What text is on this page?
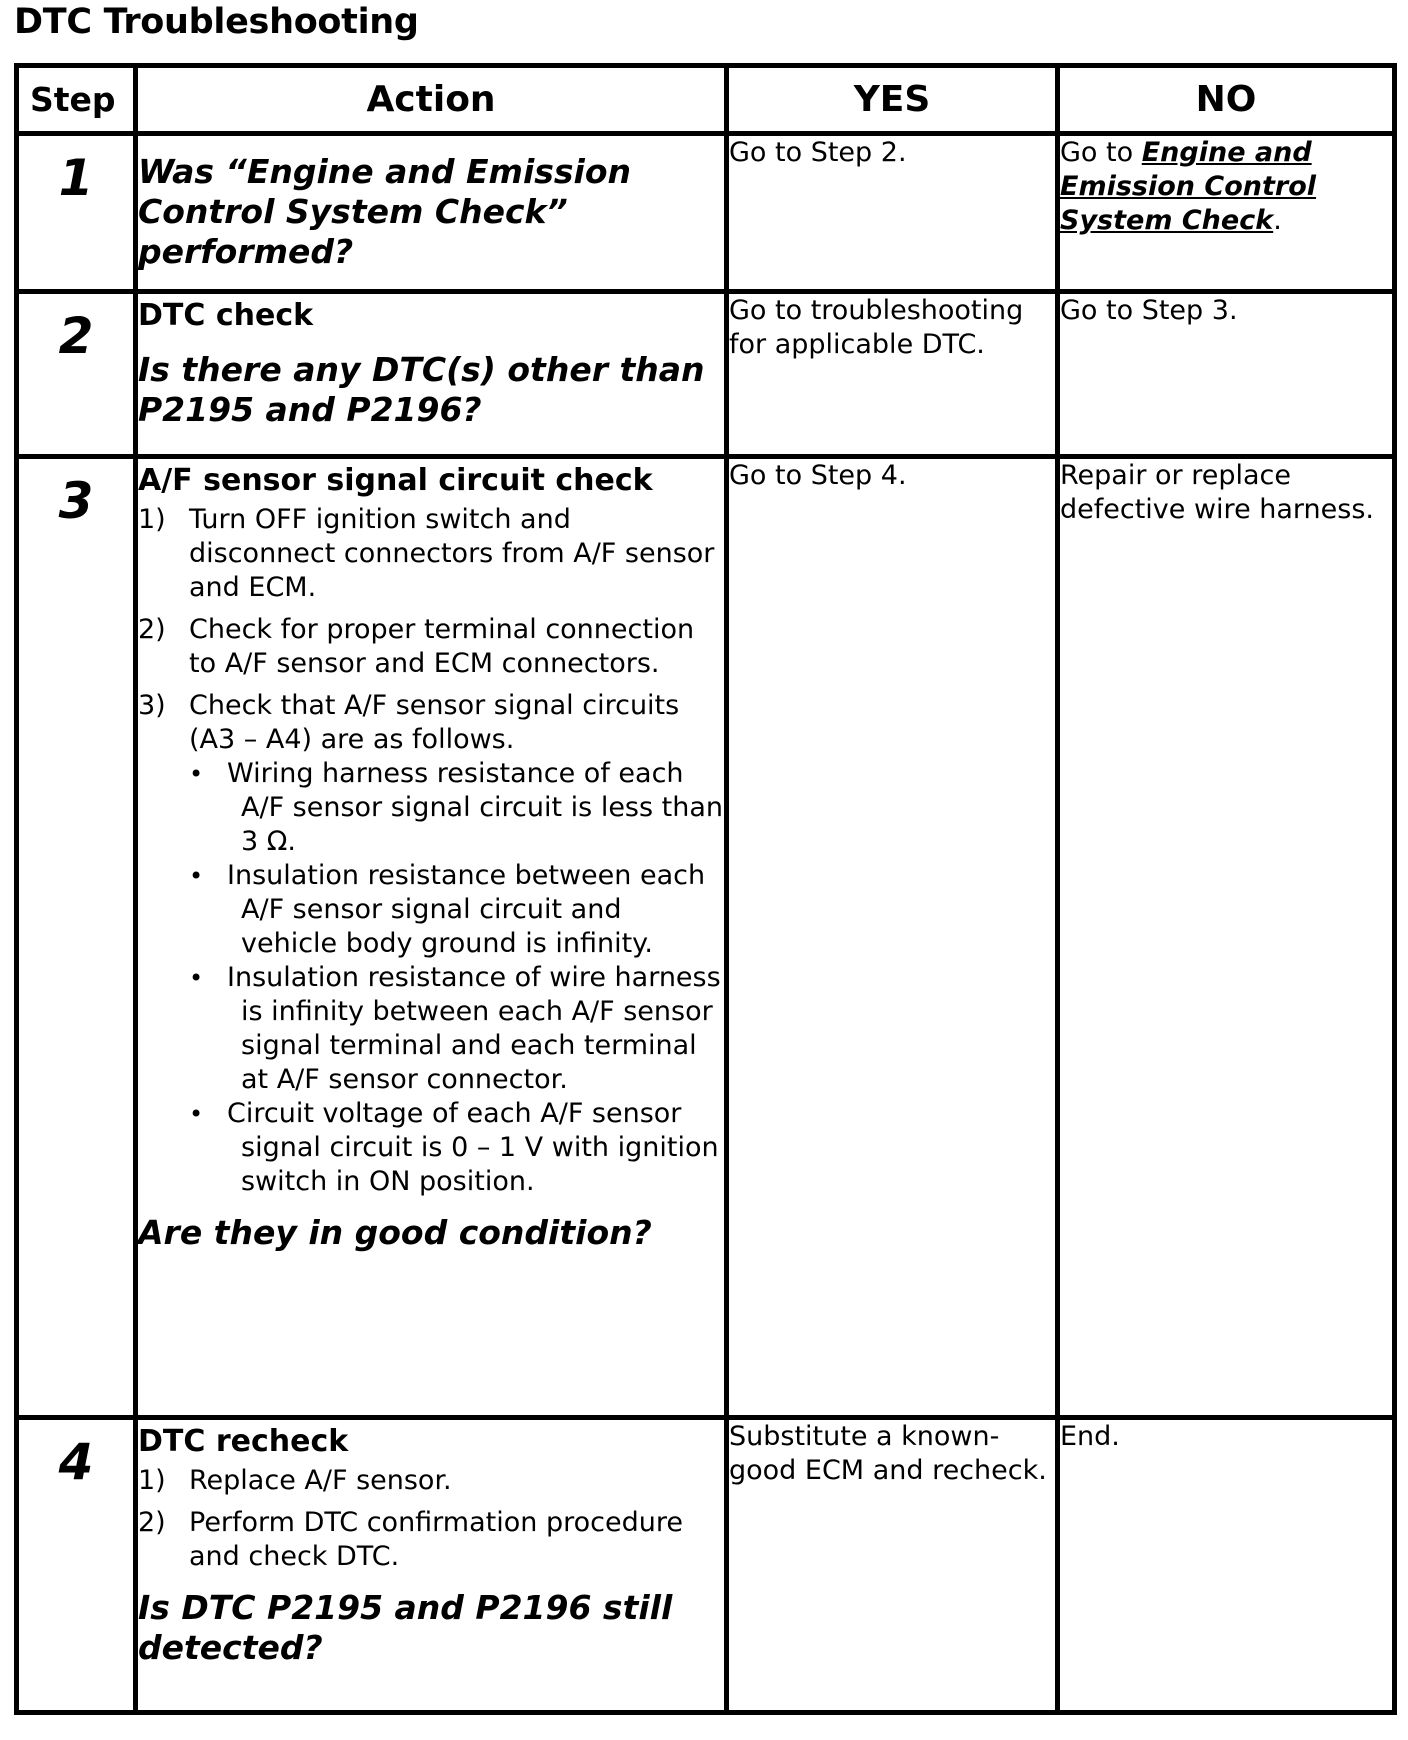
DTC Troubleshooting
Step	Action	YES	NO

1	Was “Engine and Emission Control System Check” performed?	Go to Step 2.	Go to Engine and Emission Control System Check.

2	DTC check
Is there any DTC(s) other than P2195 and P2196?	Go to troubleshooting for applicable DTC.	Go to Step 3.

3	A/F sensor signal circuit check
1) Turn OFF ignition switch and disconnect connectors from A/F sensor and ECM.
2) Check for proper terminal connection to A/F sensor and ECM connectors.
3) Check that A/F sensor signal circuits (A3 – A4) are as follows.
• Wiring harness resistance of each A/F sensor signal circuit is less than 3 Ω.
• Insulation resistance between each A/F sensor signal circuit and vehicle body ground is infinity.
• Insulation resistance of wire harness is infinity between each A/F sensor signal terminal and each terminal at A/F sensor connector.
• Circuit voltage of each A/F sensor signal circuit is 0 – 1 V with ignition switch in ON position.
Are they in good condition?
	Go to Step 4.	Repair or replace defective wire harness.

4	DTC recheck
1) Replace A/F sensor.
2) Perform DTC confirmation procedure and check DTC.
Is DTC P2195 and P2196 still detected?
	Substitute a known-good ECM and recheck.	End.
